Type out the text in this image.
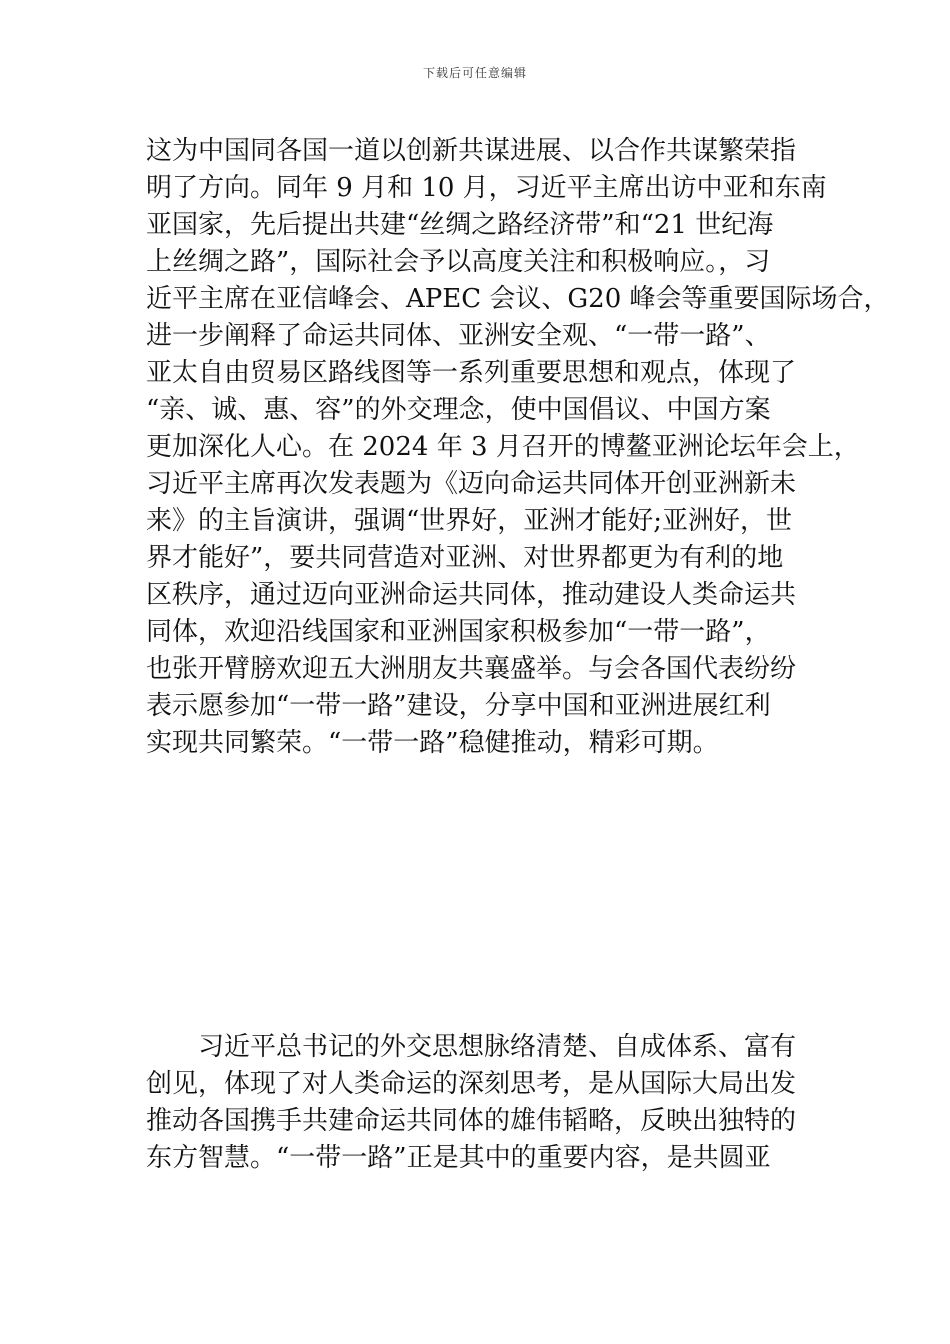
下载后可任意编辑
这为中国同各国一道以创新共谋进展、以合作共谋繁荣指
明了方向。同年 9 月和 10 月，习近平主席出访中亚和东南
亚国家，先后提出共建“丝绸之路经济带”和“21 世纪海
上丝绸之路”，国际社会予以高度关注和积极响应。，习
近平主席在亚信峰会、APEC 会议、G20 峰会等重要国际场合，
进一步阐释了命运共同体、亚洲安全观、“一带一路”、
亚太自由贸易区路线图等一系列重要思想和观点，体现了
“亲、诚、惠、容”的外交理念，使中国倡议、中国方案
更加深化人心。在 2024 年 3 月召开的博鳌亚洲论坛年会上，
习近平主席再次发表题为《迈向命运共同体开创亚洲新未
来》的主旨演讲，强调“世界好，亚洲才能好;亚洲好，世
界才能好”，要共同营造对亚洲、对世界都更为有利的地
区秩序，通过迈向亚洲命运共同体，推动建设人类命运共
同体，欢迎沿线国家和亚洲国家积极参加“一带一路”，
也张开臂膀欢迎五大洲朋友共襄盛举。与会各国代表纷纷
表示愿参加“一带一路”建设，分享中国和亚洲进展红利
实现共同繁荣。“一带一路”稳健推动，精彩可期。
　　习近平总书记的外交思想脉络清楚、自成体系、富有
创见，体现了对人类命运的深刻思考，是从国际大局出发
推动各国携手共建命运共同体的雄伟韬略，反映出独特的
东方智慧。“一带一路”正是其中的重要内容，是共圆亚
